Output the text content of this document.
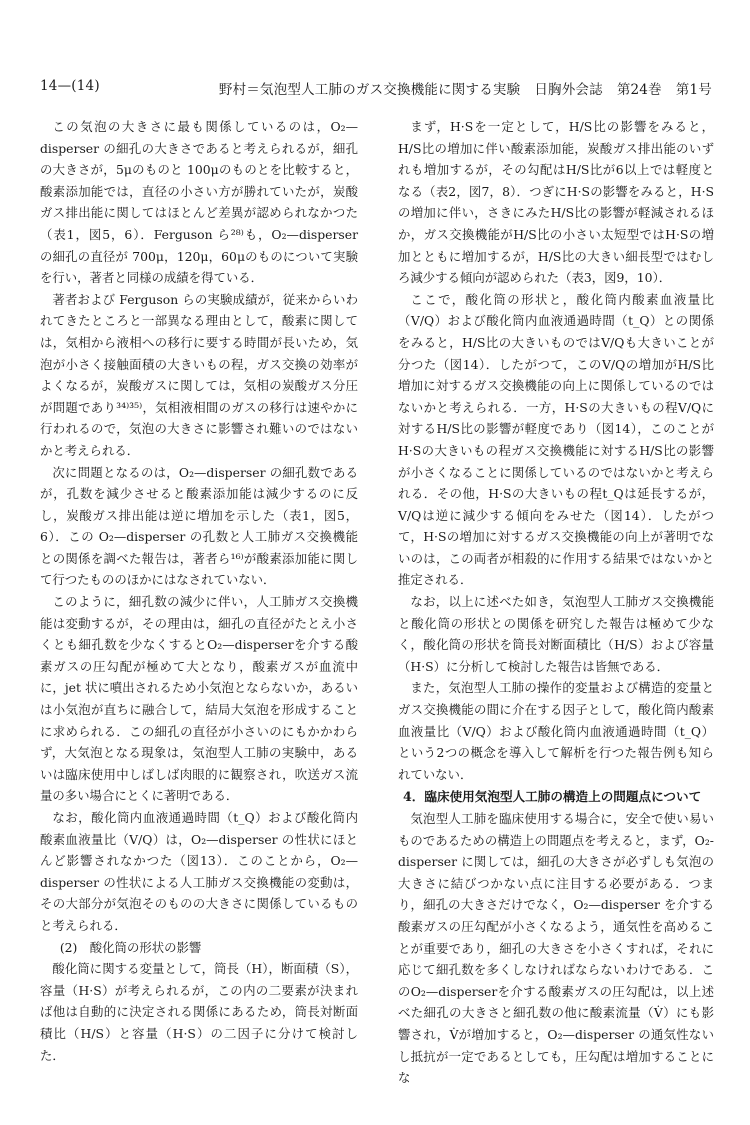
14—(14)	野村＝気泡型人工肺のガス交換機能に関する実験 日胸外会誌 第24巻 第1号

この気泡の大きさに最も関係しているのは，O₂—disperser の細孔の大きさであると考えられるが，細孔の大きさが，5μのものと 100μのものとを比較すると，酸素添加能では，直径の小さい方が勝れていたが，炭酸ガス排出能に関してはほとんど差異が認められなかつた（表1，図5，6）．Ferguson ら²⁸⁾も，O₂—disperser の細孔の直径が 700μ，120μ，60μのものについて実験を行い，著者と同様の成績を得ている．

著者および Ferguson らの実験成績が，従来からいわれてきたところと一部異なる理由として，酸素に関しては，気相から液相への移行に要する時間が長いため，気泡が小さく接触面積の大きいもの程，ガス交換の効率がよくなるが，炭酸ガスに関しては，気相の炭酸ガス分圧が問題であり³⁴⁾³⁵⁾，気相液相間のガスの移行は速やかに行われるので，気泡の大きさに影響され難いのではないかと考えられる．

次に問題となるのは，O₂—disperser の細孔数であるが，孔数を減少させると酸素添加能は減少するのに反し，炭酸ガス排出能は逆に増加を示した（表1，図5，6）．この O₂—disperser の孔数と人工肺ガス交換機能との関係を調べた報告は，著者ら¹⁶⁾が酸素添加能に関して行つたもののほかにはなされていない．

このように，細孔数の減少に伴い，人工肺ガス交換機能は変動するが，その理由は，細孔の直径がたとえ小さくとも細孔数を少なくするとO₂—disperserを介する酸素ガスの圧勾配が極めて大となり，酸素ガスが血流中に，jet 状に噴出されるため小気泡とならないか，あるいは小気泡が直ちに融合して，結局大気泡を形成することに求められる．この細孔の直径が小さいのにもかかわらず，大気泡となる現象は，気泡型人工肺の実験中，あるいは臨床使用中しばしば肉眼的に観察され，吹送ガス流量の多い場合にとくに著明である．

なお，酸化筒内血液通過時間（t_Q）および酸化筒内酸素血液量比（V/Q）は，O₂—disperser の性状にほとんど影響されなかつた（図13）．このことから，O₂—disperser の性状による人工肺ガス交換機能の変動は，その大部分が気泡そのものの大きさに関係しているものと考えられる．

(2)　酸化筒の形状の影響

酸化筒に関する変量として，筒長（H），断面積（S），容量（H·S）が考えられるが，この内の二要素が決まれば他は自動的に決定される関係にあるため，筒長対断面積比（H/S）と容量（H·S）の二因子に分けて検討した．

まず，H·Sを一定として，H/S比の影響をみると，H/S比の増加に伴い酸素添加能，炭酸ガス排出能のいずれも増加するが，その勾配はH/S比が6以上では軽度となる（表2，図7，8）．つぎにH·Sの影響をみると，H·Sの増加に伴い，さきにみたH/S比の影響が軽減されるほか，ガス交換機能がH/S比の小さい太短型ではH·Sの増加とともに増加するが，H/S比の大きい細長型ではむしろ減少する傾向が認められた（表3，図9，10）．

ここで，酸化筒の形状と，酸化筒内酸素血液量比（V/Q）および酸化筒内血液通過時間（t_Q）との関係をみると，H/S比の大きいものではV/Qも大きいことが分つた（図14）．したがつて，このV/Qの増加がH/S比増加に対するガス交換機能の向上に関係しているのではないかと考えられる．一方，H·Sの大きいもの程V/Qに対するH/S比の影響が軽度であり（図14），このことがH·Sの大きいもの程ガス交換機能に対するH/S比の影響が小さくなることに関係しているのではないかと考えられる．その他，H·Sの大きいもの程t_Qは延長するが，V/Qは逆に減少する傾向をみせた（図14）．したがつて，H·Sの増加に対するガス交換機能の向上が著明でないのは，この両者が相殺的に作用する結果ではないかと推定される．

なお，以上に述べた如き，気泡型人工肺ガス交換機能と酸化筒の形状との関係を研究した報告は極めて少なく，酸化筒の形状を筒長対断面積比（H/S）および容量（H·S）に分析して検討した報告は皆無である．

また，気泡型人工肺の操作的変量および構造的変量とガス交換機能の間に介在する因子として，酸化筒内酸素血液量比（V/Q）および酸化筒内血液通過時間（t_Q）という2つの概念を導入して解析を行つた報告例も知られていない．

4．臨床使用気泡型人工肺の構造上の問題点について

気泡型人工肺を臨床使用する場合に，安全で使い易いものであるための構造上の問題点を考えると，まず，O₂-disperser に関しては，細孔の大きさが必ずしも気泡の大きさに結びつかない点に注目する必要がある．つまり，細孔の大きさだけでなく，O₂—disperser を介する酸素ガスの圧勾配が小さくなるよう，通気性を高めることが重要であり，細孔の大きさを小さくすれば，それに応じて細孔数を多くしなければならないわけである．このO₂—disperserを介する酸素ガスの圧勾配は，以上述べた細孔の大きさと細孔数の他に酸素流量（V̇）にも影響され，V̇が増加すると，O₂—disperser の通気性ないし抵抗が一定であるとしても，圧勾配は増加することにな
